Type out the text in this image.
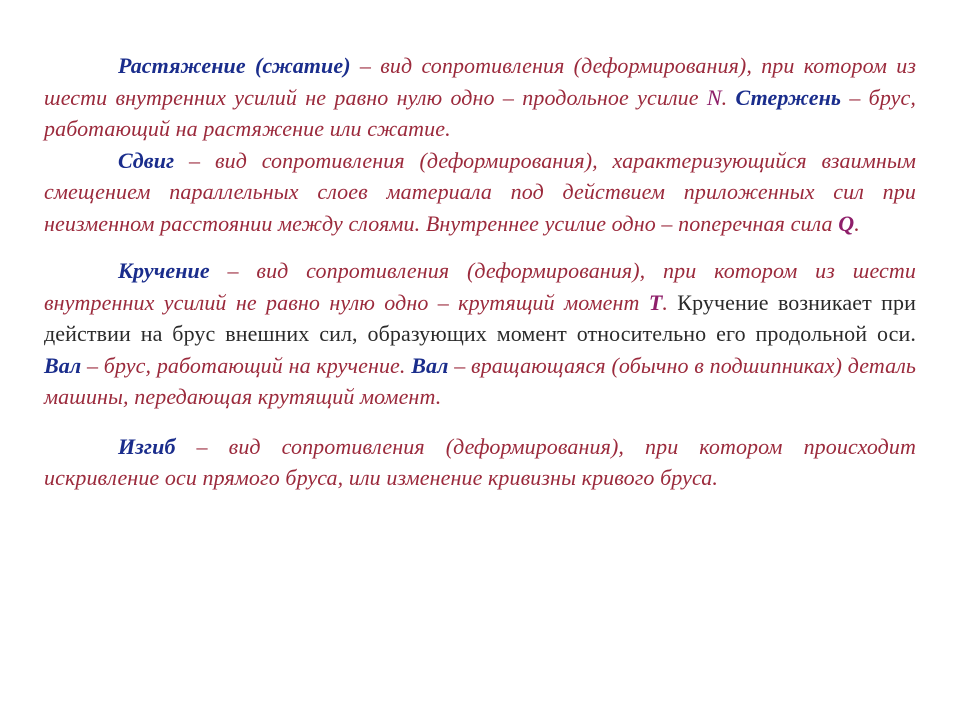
Растяжение (сжатие) – вид сопротивления (деформирования), при котором из шести внутренних усилий не равно нулю одно – продольное усилие N. Стержень – брус, работающий на растяжение или сжатие.

Сдвиг – вид сопротивления (деформирования), характеризующийся взаимным смещением параллельных слоев материала под действием приложенных сил при неизменном расстоянии между слоями. Внутреннее усилие одно – поперечная сила Q.

Кручение – вид сопротивления (деформирования), при котором из шести внутренних усилий не равно нулю одно – крутящий момент T. Кручение возникает при действии на брус внешних сил, образующих момент относительно его продольной оси. Вал – брус, работающий на кручение. Вал – вращающаяся (обычно в подшипниках) деталь машины, передающая крутящий момент.

Изгиб – вид сопротивления (деформирования), при котором происходит искривление оси прямого бруса, или изменение кривизны кривого бруса.
